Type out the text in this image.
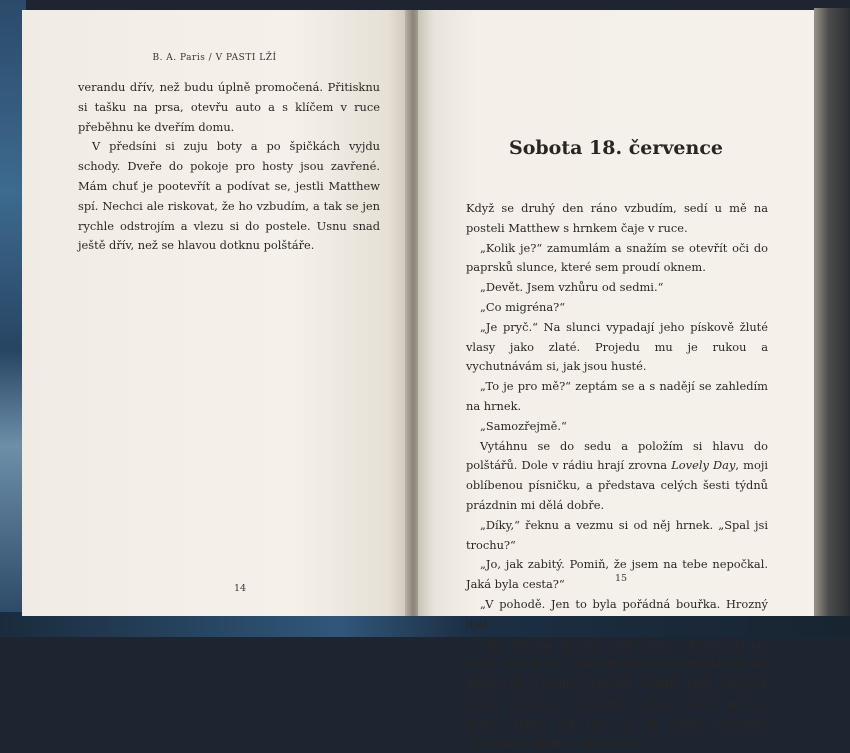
B. A. Paris / V PASTI LŽÍ

verandu dřív, než budu úplně promočená. Přitisknu si tašku na prsa, otevřu auto a s klíčem v ruce přeběhnu ke dveřím domu.

V předsíni si zuju boty a po špičkách vyjdu schody. Dveře do pokoje pro hosty jsou zavřené. Mám chuť je pootevřít a podívat se, jestli Matthew spí. Nechci ale riskovat, že ho vzbudím, a tak se jen rychle odstrojím a vlezu si do postele. Usnu snad ještě dřív, než se hlavou dotknu polštáře.

14
Sobota 18. července

Když se druhý den ráno vzbudím, sedí u mě na posteli Matthew s hrnkem čaje v ruce.

„Kolik je?“ zamumlám a snažím se otevřít oči do paprsků slunce, které sem proudí oknem.

„Devět. Jsem vzhůru od sedmi.“

„Co migréna?“

„Je pryč.“ Na slunci vypadají jeho pískově žluté vlasy jako zlaté. Projedu mu je rukou a vychutnávám si, jak jsou husté.

„To je pro mě?“ zeptám se a s nadějí se zahledím na hrnek.

„Samozřejmě.“

Vytáhnu se do sedu a položím si hlavu do polštářů. Dole v rádiu hrají zrovna Lovely Day, moji oblíbenou písničku, a představa celých šesti týdnů prázdnin mi dělá dobře.

„Díky,“ řeknu a vezmu si od něj hrnek. „Spal jsi trochu?“

„Jo, jak zabitý. Pomiň, že jsem na tebe nepočkal. Jaká byla cesta?“

„V pohodě. Jen to byla pořádná bouřka. Hrozný liják.“

„No, dneska už zase svítí slunce.“ Jemně do mě strčí. „Posuň se.“ Opatrně, abych si nevylila čaj, mu uhnu a on si sedne vedle mě. Zvedne ruku a já se k němu přitulím. „Nedaleko odsud našli mrtvou ženu,“ řekne tak tiše, že ho téměř neslyším. „Zrovna to říkali ve zprávách.“

15
